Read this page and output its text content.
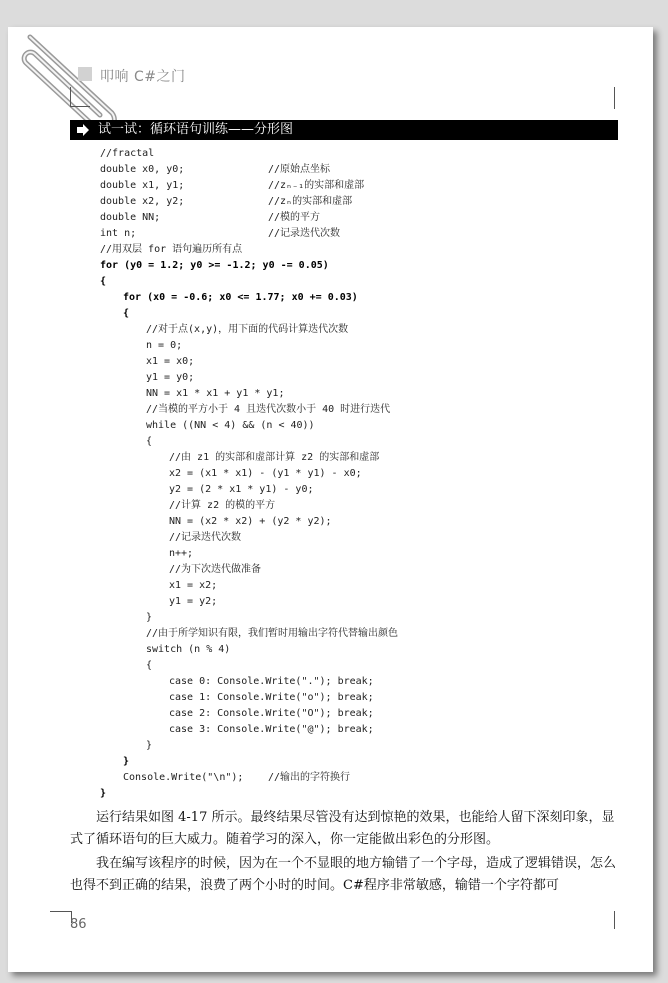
叩响 C#之门
试一试：循环语句训练——分形图
//fractal
double x0, y0;	//原始点坐标
double x1, y1;	//zₙ₋₁的实部和虚部
double x2, y2;	//zₙ的实部和虚部
double NN;	//模的平方
int n;	//记录迭代次数
//用双层 for 语句遍历所有点
for (y0 = 1.2; y0 >= -1.2; y0 -= 0.05)
{
for (x0 = -0.6; x0 <= 1.77; x0 += 0.03)
{
//对于点(x,y)，用下面的代码计算迭代次数
n = 0;
x1 = x0;
y1 = y0;
NN = x1 * x1 + y1 * y1;
//当模的平方小于 4 且迭代次数小于 40 时进行迭代
while ((NN < 4) && (n < 40))
{
//由 z1 的实部和虚部计算 z2 的实部和虚部
x2 = (x1 * x1) - (y1 * y1) - x0;
y2 = (2 * x1 * y1) - y0;
//计算 z2 的模的平方
NN = (x2 * x2) + (y2 * y2);
//记录迭代次数
n++;
//为下次迭代做准备
x1 = x2;
y1 = y2;
}
//由于所学知识有限，我们暂时用输出字符代替输出颜色
switch (n % 4)
{
case 0: Console.Write("."); break;
case 1: Console.Write("o"); break;
case 2: Console.Write("O"); break;
case 3: Console.Write("@"); break;
}
}
Console.Write("\n"); //输出的字符换行
}
运行结果如图 4-17 所示。最终结果尽管没有达到惊艳的效果，也能给人留下深刻印象，显式了循环语句的巨大威力。随着学习的深入，你一定能做出彩色的分形图。
我在编写该程序的时候，因为在一个不显眼的地方输错了一个字母，造成了逻辑错误，怎么也得不到正确的结果，浪费了两个小时的时间。C#程序非常敏感，输错一个字符都可
86
